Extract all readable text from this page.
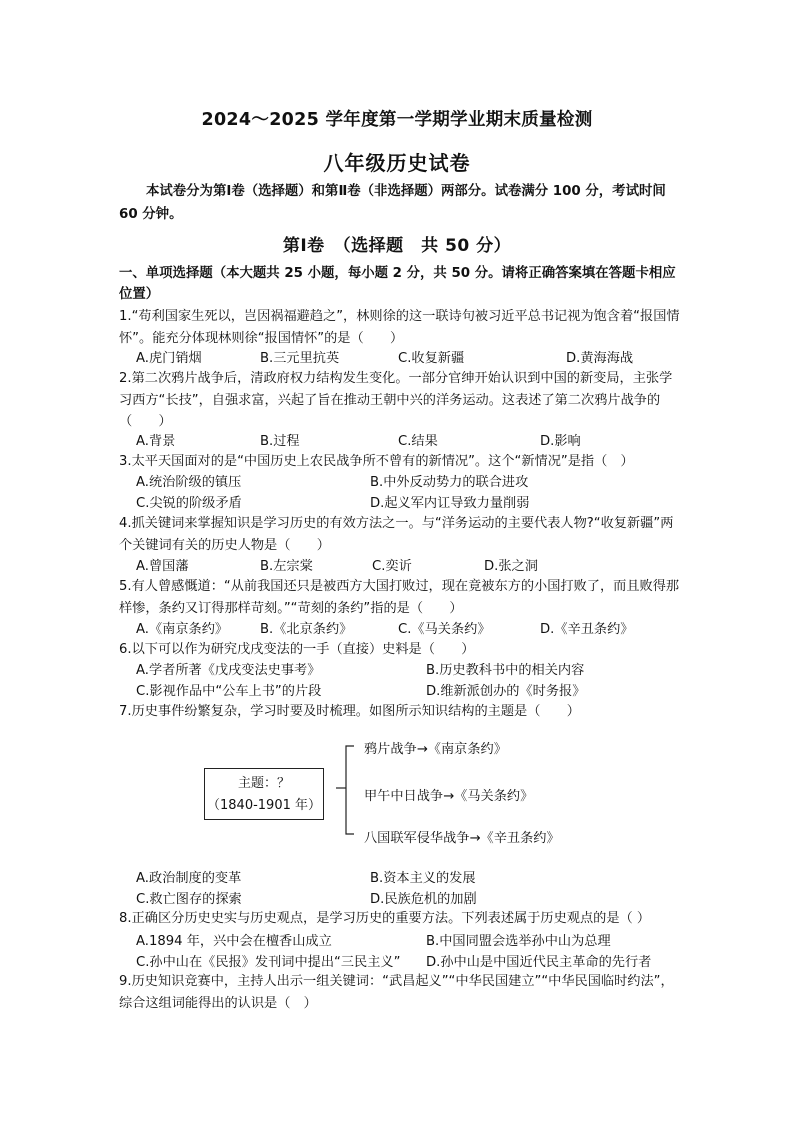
2024～2025 学年度第一学期学业期末质量检测
八年级历史试卷
本试卷分为第Ⅰ卷（选择题）和第Ⅱ卷（非选择题）两部分。试卷满分 100 分，考试时间 60 分钟。
第Ⅰ卷　（选择题　共 50 分）
一、单项选择题（本大题共 25 小题，每小题 2 分，共 50 分。请将正确答案填在答题卡相应位置）
1.“苟利国家生死以，岂因祸福避趋之”，林则徐的这一联诗句被习近平总书记视为饱含着“报国情怀”。能充分体现林则徐“报国情怀”的是（　　）
A.虎门销烟	B.三元里抗英	C.收复新疆	D.黄海海战
2.第二次鸦片战争后，清政府权力结构发生变化。一部分官绅开始认识到中国的新变局，主张学习西方“长技”，自强求富，兴起了旨在推动王朝中兴的洋务运动。这表述了第二次鸦片战争的（　　）
A.背景	B.过程	C.结果	D.影响
3.太平天国面对的是“中国历史上农民战争所不曾有的新情况”。这个“新情况”是指（　）
A.统治阶级的镇压	B.中外反动势力的联合进攻
C.尖锐的阶级矛盾	D.起义军内讧导致力量削弱
4.抓关键词来掌握知识是学习历史的有效方法之一。与“洋务运动的主要代表人物?“收复新疆”两个关键词有关的历史人物是（　　）
A.曾国藩	B.左宗棠	C.奕䜣	D.张之洞
5.有人曾感慨道：“从前我国还只是被西方大国打败过，现在竟被东方的小国打败了，而且败得那样惨，条约又订得那样苛刻。”“苛刻的条约”指的是（　　）
A.《南京条约》 B.《北京条约》	C.《马关条约》	D.《辛丑条约》
6.以下可以作为研究戊戌变法的一手（直接）史料是（　　）
A.学者所著《戊戌变法史事考》	B.历史教科书中的相关内容
C.影视作品中“公车上书”的片段	D.维新派创办的《时务报》
7.历史事件纷繁复杂，学习时要及时梳理。如图所示知识结构的主题是（　　）
主题：？
（1840-1901 年）
鸦片战争→《南京条约》
甲午中日战争→《马关条约》
八国联军侵华战争→《辛丑条约》
A.政治制度的变革	B.资本主义的发展
C.救亡图存的探索	D.民族危机的加剧
8.正确区分历史史实与历史观点，是学习历史的重要方法。下列表述属于历史观点的是（ ）
A.1894 年，兴中会在檀香山成立	B.中国同盟会选举孙中山为总理
C.孙中山在《民报》发刊词中提出“三民主义” D.孙中山是中国近代民主革命的先行者
9.历史知识竞赛中，主持人出示一组关键词：“武昌起义”“中华民国建立”“中华民国临时约法”，综合这组词能得出的认识是（　）
